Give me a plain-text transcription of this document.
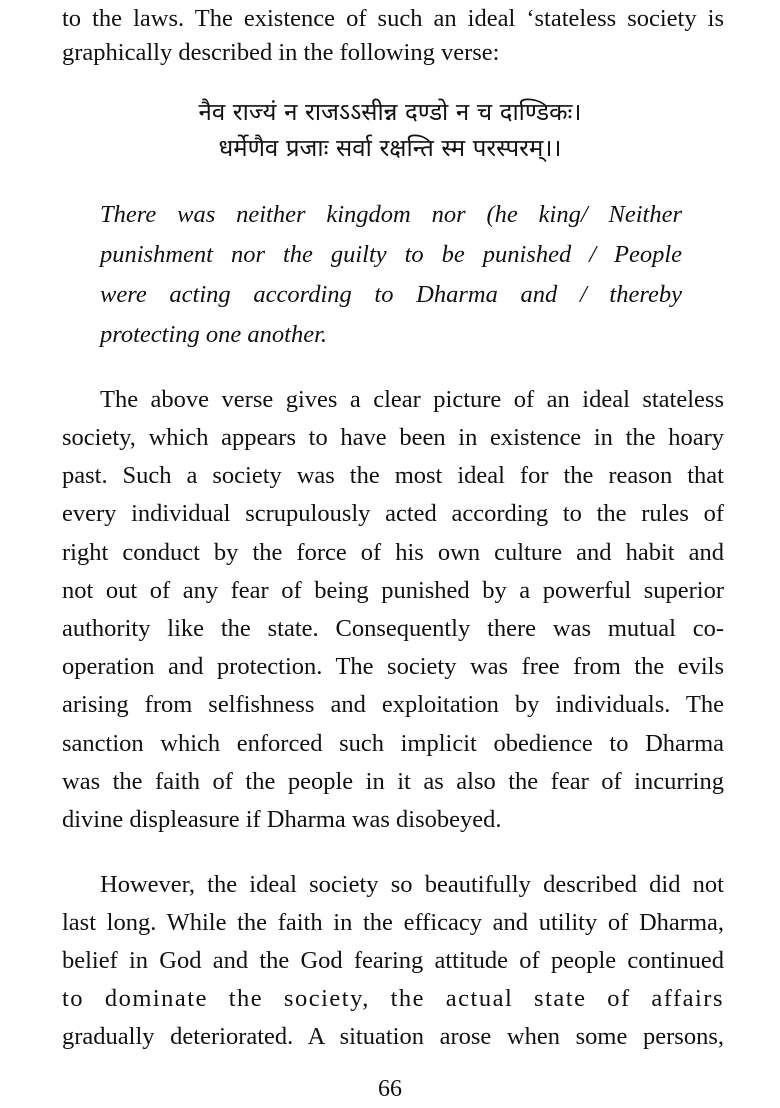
to the laws. The existence of such an ideal ‘stateless society is
graphically described in the following verse:
नैव राज्यं न राजऽऽसीन्न दण्डो न च दाण्डिकः।
धर्मेणैव प्रजाः सर्वा रक्षन्ति स्म परस्परम्।।
There was neither kingdom nor (he king/ Neither
punishment nor the guilty to be punished / People
were acting according to Dharma and / thereby
protecting one another.
The above verse gives a clear picture of an ideal stateless
society, which appears to have been in existence in the hoary
past. Such a society was the most ideal for the reason that
every individual scrupulously acted according to the rules of
right conduct by the force of his own culture and habit and
not out of any fear of being punished by a powerful superior
authority like the state. Consequently there was mutual co-
operation and protection. The society was free from the evils
arising from selfishness and exploitation by individuals. The
sanction which enforced such implicit obedience to Dharma
was the faith of the people in it as also the fear of incurring
divine displeasure if Dharma was disobeyed.
However, the ideal society so beautifully described did not
last long. While the faith in the efficacy and utility of Dharma,
belief in God and the God fearing attitude of people continued
to dominate the society, the actual state of affairs
gradually deteriorated. A situation arose when some persons,
66
